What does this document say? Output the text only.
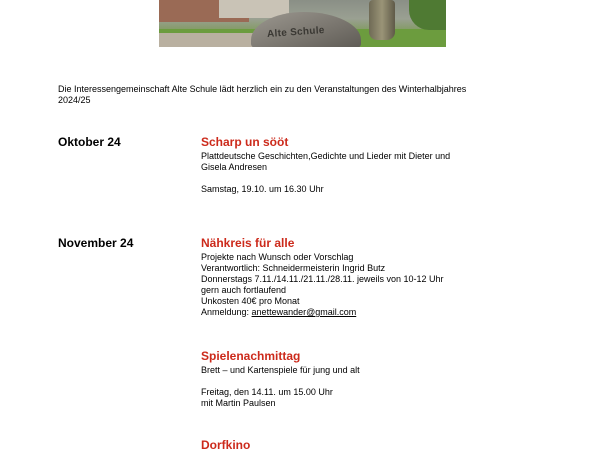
Alte Schule
Die Interessengemeinschaft Alte Schule lädt herzlich ein zu den Veranstaltungen des Winterhalbjahres 2024/25
Oktober 24	Scharp un sööt
Plattdeutsche Geschichten,Gedichte und Lieder mit Dieter und
Gisela Andresen
Samstag, 19.10. um 16.30 Uhr
November 24	Nähkreis für alle
Projekte nach Wunsch oder Vorschlag
Verantwortlich: Schneidermeisterin Ingrid Butz
Donnerstags 7.11./14.11./21.11./28.11. jeweils von 10-12 Uhr
gern auch fortlaufend
Unkosten 40€ pro Monat
Anmeldung: anettewander@gmail.com
Spielenachmittag
Brett – und Kartenspiele für jung und alt
Freitag, den 14.11. um 15.00 Uhr
mit Martin Paulsen
Dorfkino
